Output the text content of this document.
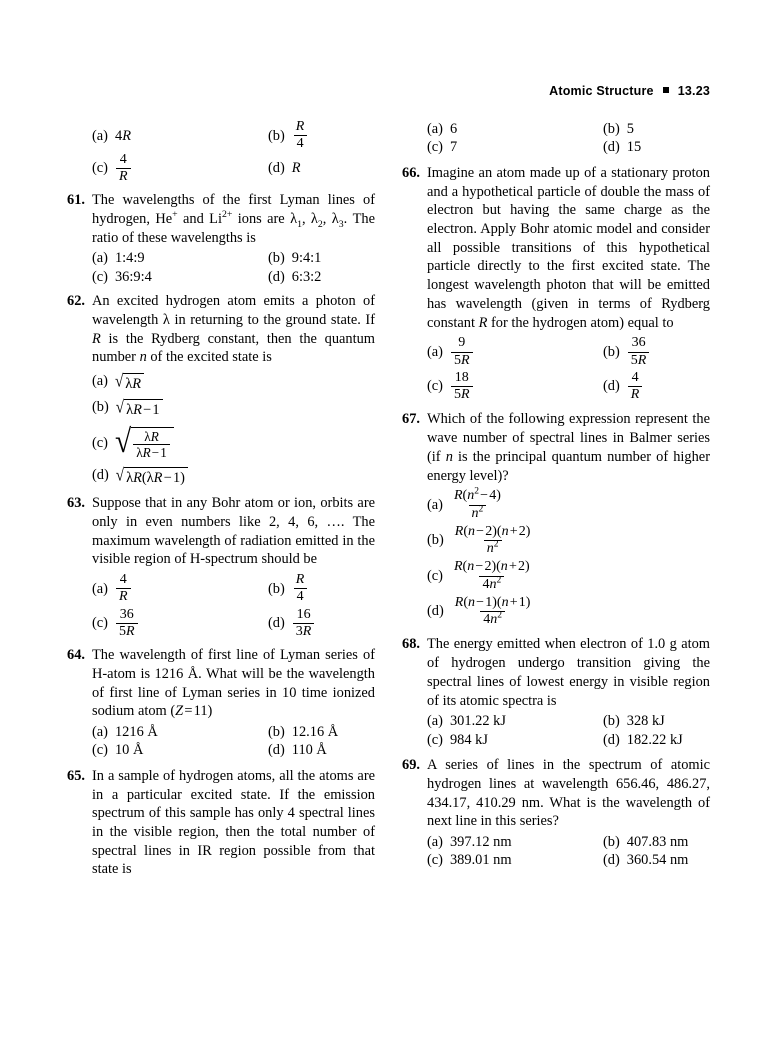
Atomic Structure 13.23
(a) 4R	$(b) \frac{R}{4}$
$(c) \frac{4}{R}$	(d) R
61. The wavelengths of the first Lyman lines of hydrogen, He+ and $Li^{2+}$ ions are $\lambda_1$, $\lambda_2$, $\lambda_3$. The ratio of these wavelengths is
(a) 1:4:9	(b) 9:4:1
(c) 36:9:4	(d) 6:3:2
62. An excited hydrogen atom emits a photon of wavelength λ in returning to the ground state. If R is the Rydberg constant, then the quantum number n of the excited state is
(a) √ λR
(b) √ λR − 1
(c) √ $\frac{\lambda R}{\lambda R - 1}$
(d) √ λR(λR − 1)
63. Suppose that in any Bohr atom or ion, orbits are only in even numbers like 2, 4, 6, …. The maximum wavelength of radiation emitted in the visible region of H-spectrum should be
$(a) \frac{4}{R}$	$(b) \frac{R}{4}$
$(c) \frac{36}{5R}$	$(d) \frac{16}{3R}$
64. The wavelength of first line of Lyman series of H-atom is 1216 Å. What will be the wavelength of first line of Lyman series in 10 time ionized sodium atom (Z = 11)
(a) 1216 Å	(b) 12.16 Å
(c) 10 Å	(d) 110 Å
65. In a sample of hydrogen atoms, all the atoms are in a particular excited state. If the emission spectrum of this sample has only 4 spectral lines in the visible region, then the total number of spectral lines in IR region possible from that state is
(a) 6	(b) 5
(c) 7	(d) 15
66. Imagine an atom made up of a stationary proton and a hypothetical particle of double the mass of electron but having the same charge as the electron. Apply Bohr atomic model and consider all possible transitions of this hypothetical particle directly to the first excited state. The longest wavelength photon that will be emitted has wavelength (given in terms of Rydberg constant R for the hydrogen atom) equal to
$(a) \frac{9}{5R}$	$(b) \frac{36}{5R}$
$(c) \frac{18}{5R}$	$(d) \frac{4}{R}$
67. Which of the following expression represent the wave number of spectral lines in Balmer series (if n is the principal quantum number of higher energy level)?
$(a) \frac{R(n^2 - 4)}{n^2}$
$(b) \frac{R(n - 2)(n + 2)}{n^2}$
$(c) \frac{R(n - 2)(n + 2)}{4n^2}$
$(d) \frac{R(n - 1)(n + 1)}{4n^2}$
68. The energy emitted when electron of 1.0 g atom of hydrogen undergo transition giving the spectral lines of lowest energy in visible region of its atomic spectra is
(a) 301.22 kJ	(b) 328 kJ
(c) 984 kJ	(d) 182.22 kJ
69. A series of lines in the spectrum of atomic hydrogen lines at wavelength 656.46, 486.27, 434.17, 410.29 nm. What is the wavelength of next line in this series?
(a) 397.12 nm	(b) 407.83 nm
(c) 389.01 nm	(d) 360.54 nm
